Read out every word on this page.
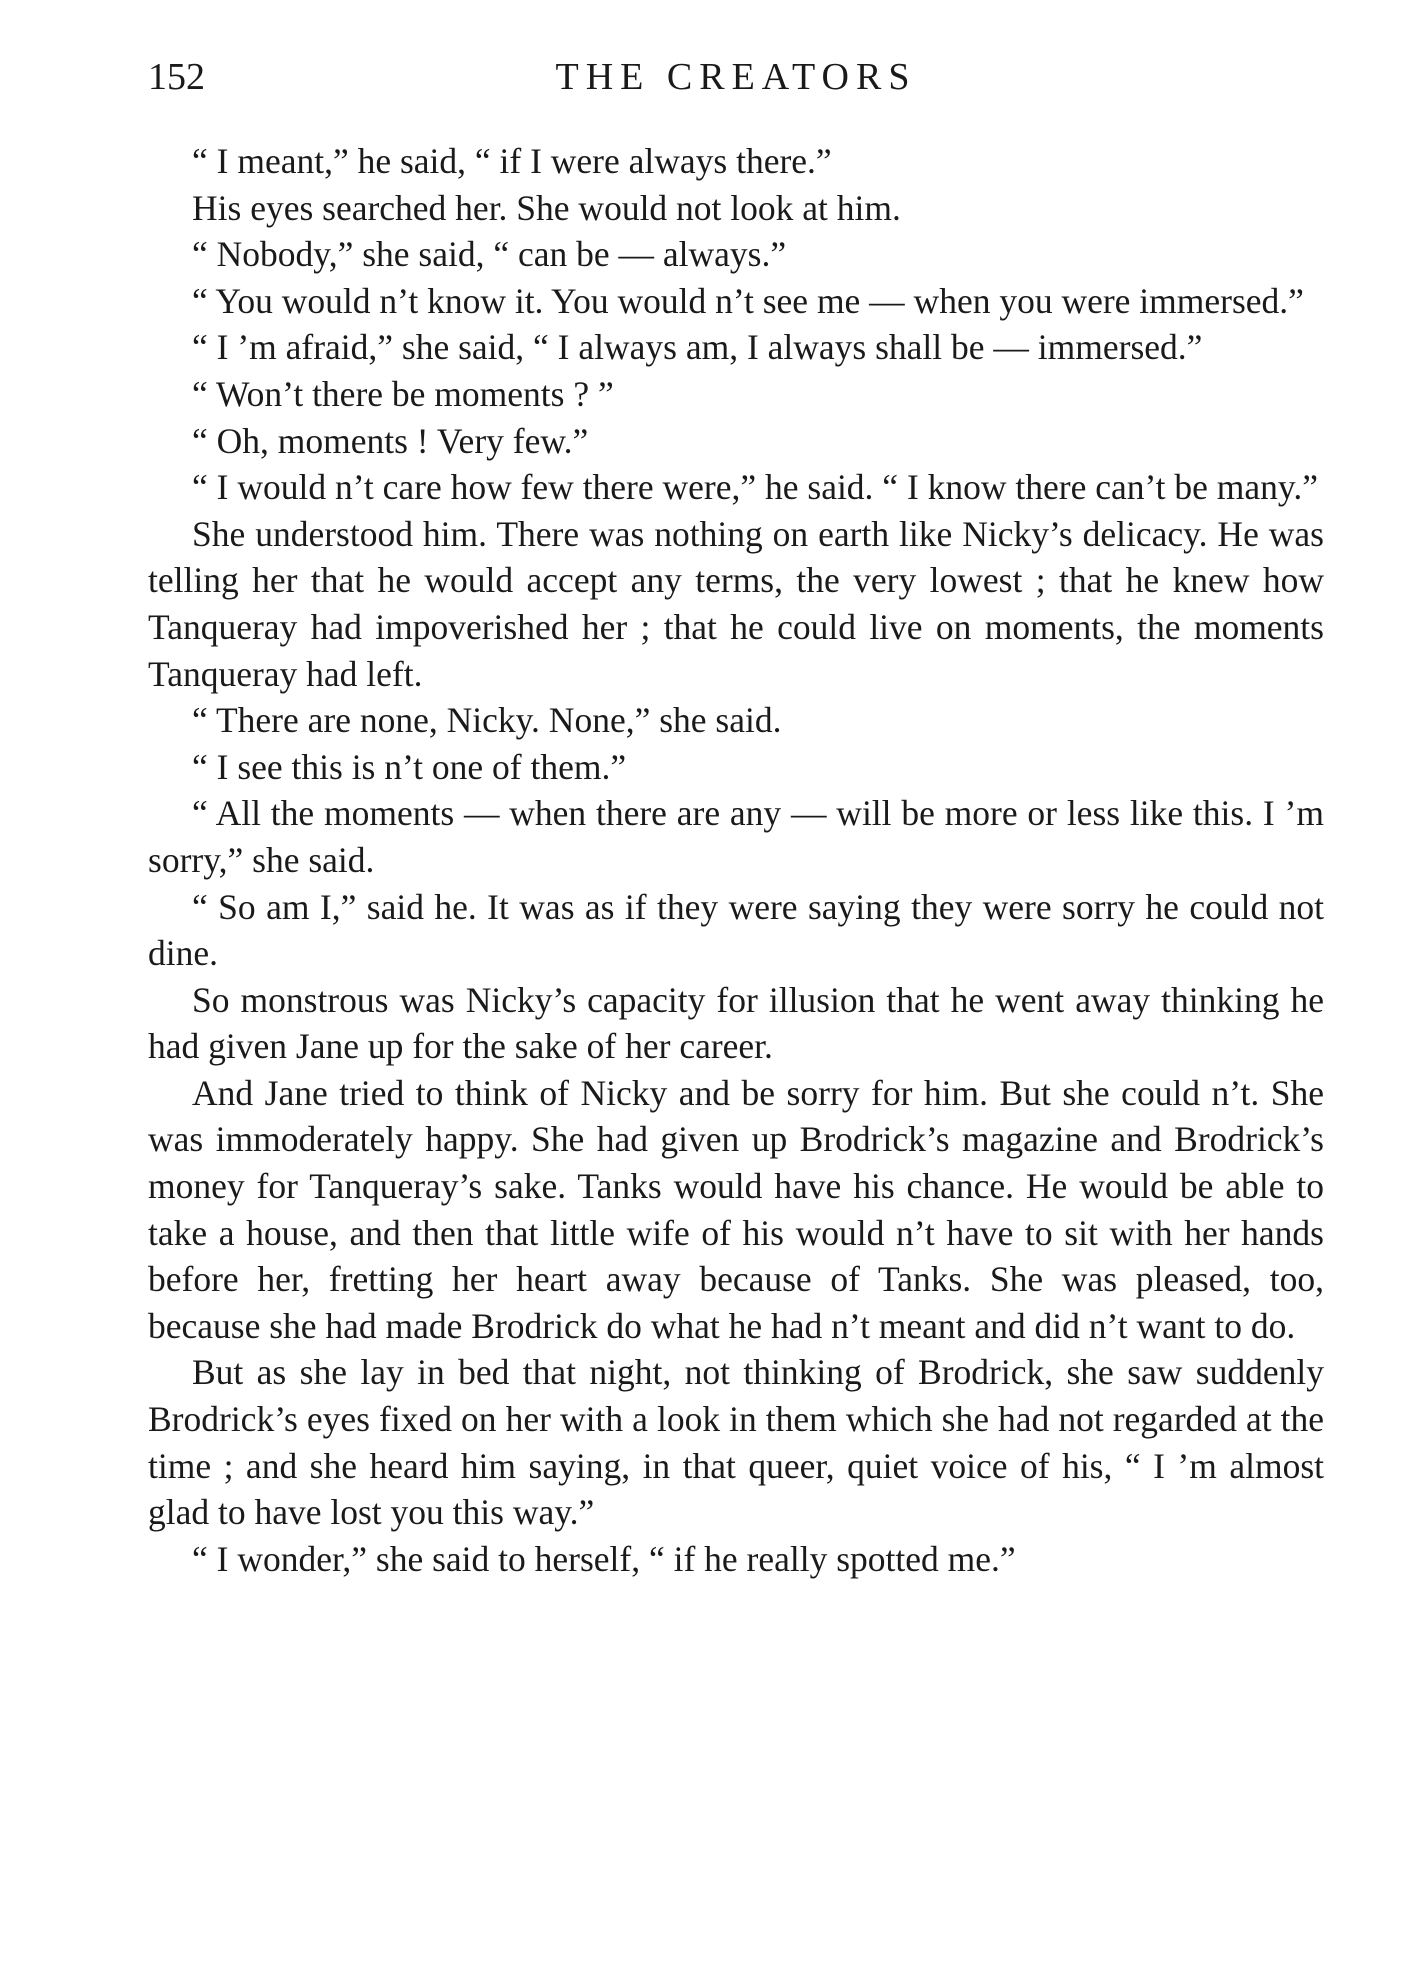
152	THE CREATORS

“ I meant,” he said, “ if I were always there.”

His eyes searched her. She would not look at him.

“ Nobody,” she said, “ can be — always.”

“ You would n’t know it. You would n’t see me — when you were immersed.”

“ I ’m afraid,” she said, “ I always am, I always shall be — immersed.”

“ Won’t there be moments ? ”

“ Oh, moments ! Very few.”

“ I would n’t care how few there were,” he said. “ I know there can’t be many.”

She understood him. There was nothing on earth like Nicky’s delicacy. He was telling her that he would accept any terms, the very lowest ; that he knew how Tanqueray had impoverished her ; that he could live on moments, the moments Tanqueray had left.

“ There are none, Nicky. None,” she said.

“ I see this is n’t one of them.”

“ All the moments — when there are any — will be more or less like this. I ’m sorry,” she said.

“ So am I,” said he. It was as if they were saying they were sorry he could not dine.

So monstrous was Nicky’s capacity for illusion that he went away thinking he had given Jane up for the sake of her career.

And Jane tried to think of Nicky and be sorry for him. But she could n’t. She was immoderately happy. She had given up Brodrick’s magazine and Brodrick’s money for Tanqueray’s sake. Tanks would have his chance. He would be able to take a house, and then that little wife of his would n’t have to sit with her hands before her, fretting her heart away because of Tanks. She was pleased, too, because she had made Brodrick do what he had n’t meant and did n’t want to do.

But as she lay in bed that night, not thinking of Brodrick, she saw suddenly Brodrick’s eyes fixed on her with a look in them which she had not regarded at the time ; and she heard him saying, in that queer, quiet voice of his, “ I ’m almost glad to have lost you this way.”

“ I wonder,” she said to herself, “ if he really spotted me.”
